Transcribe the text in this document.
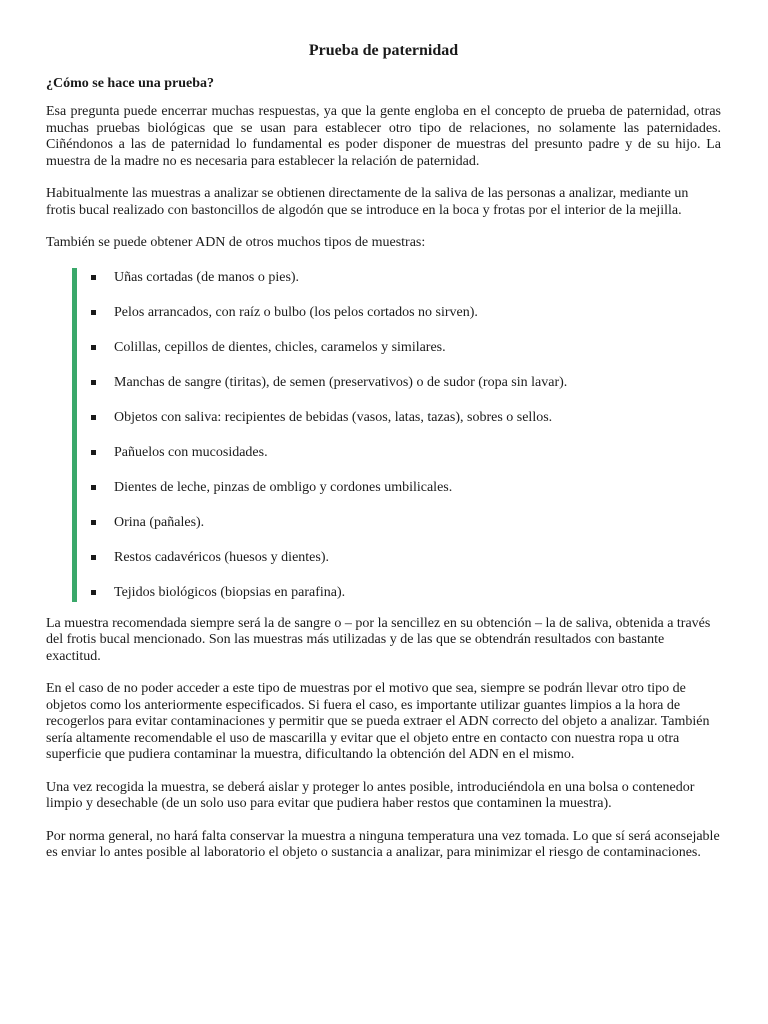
Prueba de paternidad
¿Cómo se hace una prueba?

Esa pregunta puede encerrar muchas respuestas, ya que la gente engloba en el concepto de prueba de paternidad, otras muchas pruebas biológicas que se usan para establecer otro tipo de relaciones, no solamente las paternidades. Ciñéndonos a las de paternidad lo fundamental es poder disponer de muestras del presunto padre y de su hijo. La muestra de la madre no es necesaria para establecer la relación de paternidad.

Habitualmente las muestras a analizar se obtienen directamente de la saliva de las personas a analizar, mediante un frotis bucal realizado con bastoncillos de algodón que se introduce en la boca y frotas por el interior de la mejilla.

También se puede obtener ADN de otros muchos tipos de muestras:

Uñas cortadas (de manos o pies).
Pelos arrancados, con raíz o bulbo (los pelos cortados no sirven).
Colillas, cepillos de dientes, chicles, caramelos y similares.
Manchas de sangre (tiritas), de semen (preservativos) o de sudor (ropa sin lavar).
Objetos con saliva: recipientes de bebidas (vasos, latas, tazas), sobres o sellos.
Pañuelos con mucosidades.
Dientes de leche, pinzas de ombligo y cordones umbilicales.
Orina (pañales).
Restos cadavéricos (huesos y dientes).
Tejidos biológicos (biopsias en parafina).

La muestra recomendada siempre será la de sangre o – por la sencillez en su obtención – la de saliva, obtenida a través del frotis bucal mencionado. Son las muestras más utilizadas y de las que se obtendrán resultados con bastante exactitud.

En el caso de no poder acceder a este tipo de muestras por el motivo que sea, siempre se podrán llevar otro tipo de objetos como los anteriormente especificados. Si fuera el caso, es importante utilizar guantes limpios a la hora de recogerlos para evitar contaminaciones y permitir que se pueda extraer el ADN correcto del objeto a analizar. También sería altamente recomendable el uso de mascarilla y evitar que el objeto entre en contacto con nuestra ropa u otra superficie que pudiera contaminar la muestra, dificultando la obtención del ADN en el mismo.

Una vez recogida la muestra, se deberá aislar y proteger lo antes posible, introduciéndola en una bolsa o contenedor limpio y desechable (de un solo uso para evitar que pudiera haber restos que contaminen la muestra).

Por norma general, no hará falta conservar la muestra a ninguna temperatura una vez tomada. Lo que sí será aconsejable es enviar lo antes posible al laboratorio el objeto o sustancia a analizar, para minimizar el riesgo de contaminaciones.
